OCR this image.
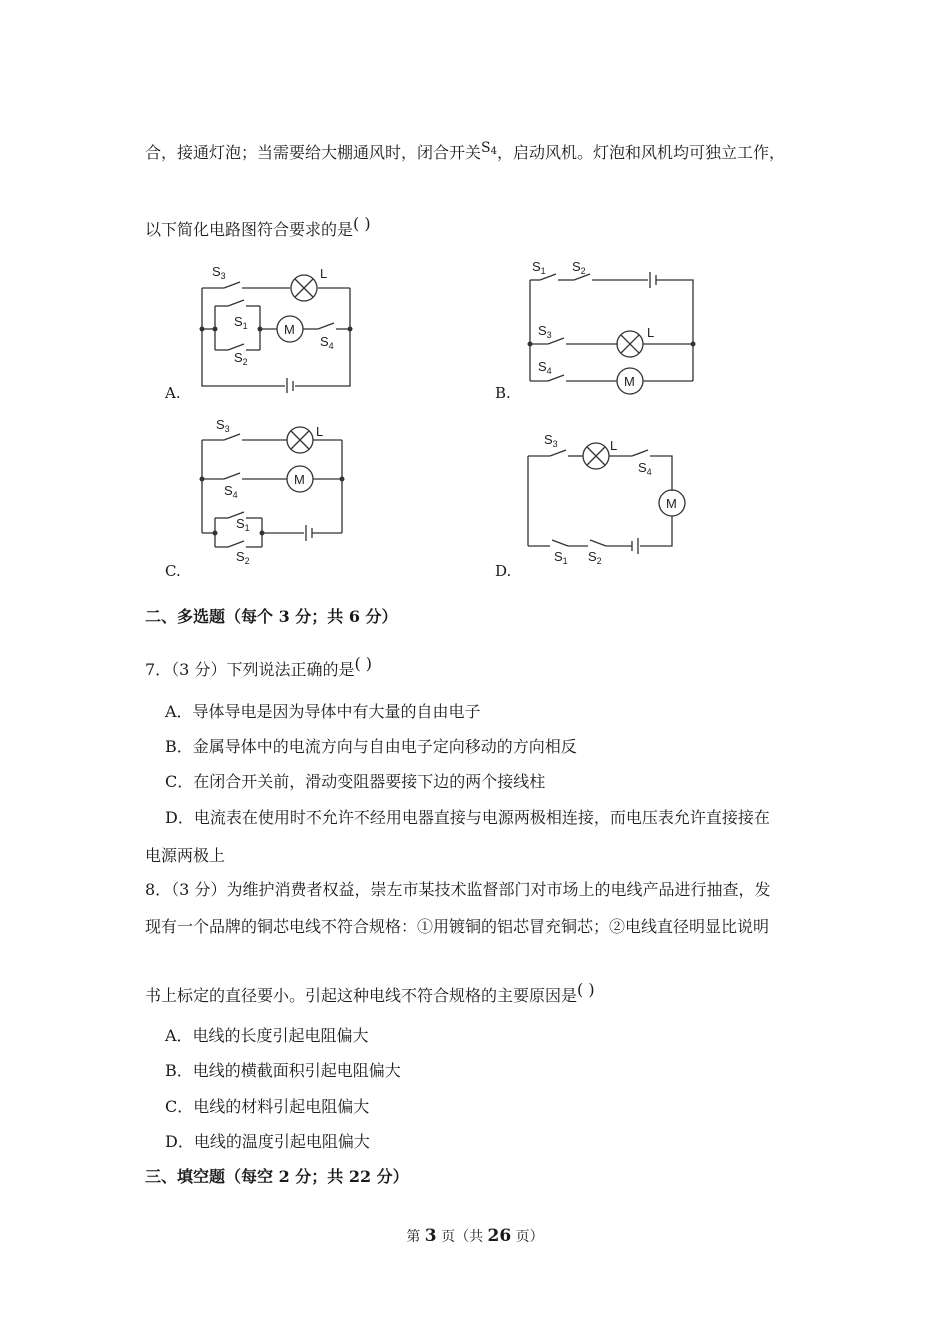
合，接通灯泡；当需要给大棚通风时，闭合开关$S_4$，启动风机。灯泡和风机均可独立工作，
以下简化电路图符合要求的是( )
$S_3$	L
$S_1$
$S_2$
M
$S_4$
A.
$S_1$ $S_2$
$S_3$	L
$S_4$
M
B.
$S_3$	L
M
$S_4$
$S_1$
$S_2$
C.
$S_3$	L
$S_4$
M
$S_1$ $S_2$
D.
二、多选题（每个 3 分；共 6 分）
7．（3 分）下列说法正确的是( )
A．导体导电是因为导体中有大量的自由电子
B．金属导体中的电流方向与自由电子定向移动的方向相反
C．在闭合开关前，滑动变阻器要接下边的两个接线柱
D．电流表在使用时不允许不经用电器直接与电源两极相连接，而电压表允许直接接在
电源两极上
8．（3 分）为维护消费者权益，崇左市某技术监督部门对市场上的电线产品进行抽查，发
现有一个品牌的铜芯电线不符合规格：①用镀铜的铝芯冒充铜芯；②电线直径明显比说明
书上标定的直径要小。引起这种电线不符合规格的主要原因是( )
A．电线的长度引起电阻偏大
B．电线的横截面积引起电阻偏大
C．电线的材料引起电阻偏大
D．电线的温度引起电阻偏大
三、填空题（每空 2 分；共 22 分）
第 3 页（共 26 页）
